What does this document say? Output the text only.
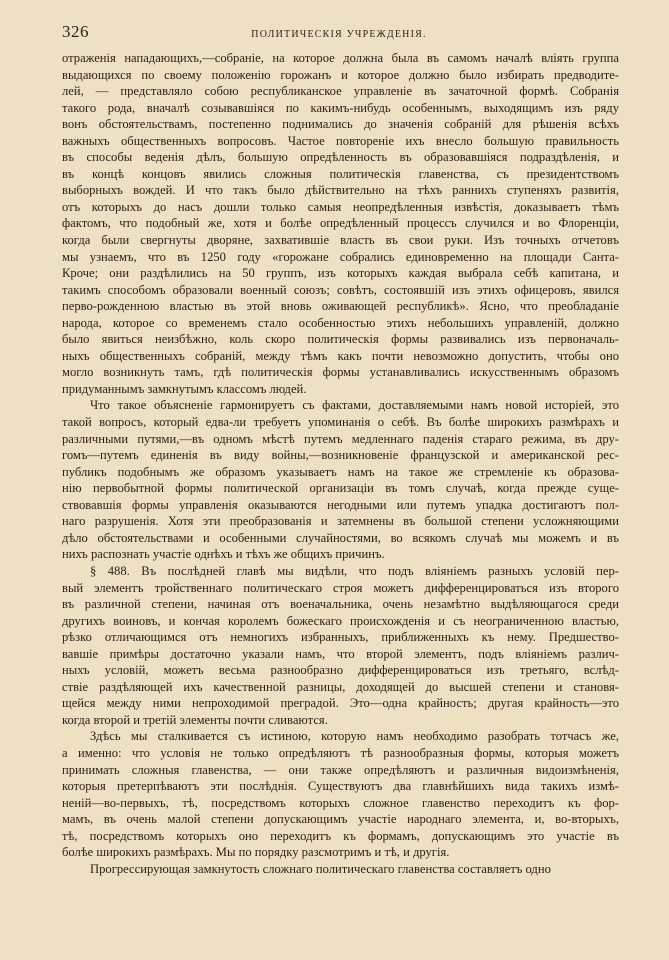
326	ПОЛИТИЧЕСКІЯ УЧРЕЖДЕНІЯ.
отраженія нападающихъ,—собраніе, на которое должна была въ самомъ началѣ вліять группа
выдающихся по своему положенію горожанъ и которое должно было избирать предводите-
лей, — представляло собою республиканское управленіе въ зачаточной формѣ. Собранія
такого рода, вначалѣ созывавшіяся по какимъ-нибудь особеннымъ, выходящимъ изъ ряду
вонъ обстоятельствамъ, постепенно поднимались до значенія собраній для рѣшенія всѣхъ
важныхъ общественныхъ вопросовъ. Частое повтореніе ихъ внесло большую правильность
въ способы веденія дѣлъ, большую опредѣленность въ образовавшіяся подраздѣленія, и
въ концѣ концовъ явились сложныя политическія главенства, съ президентствомъ
выборныхъ вождей. И что такъ было дѣйствительно на тѣхъ раннихъ ступеняхъ развитія,
отъ которыхъ до насъ дошли только самыя неопредѣленныя извѣстія, доказываетъ тѣмъ
фактомъ, что подобный же, хотя и болѣе опредѣленный процессъ случился и во Флоренціи,
когда были свергнуты дворяне, захватившіе власть въ свои руки. Изъ точныхъ отчетовъ
мы узнаемъ, что въ 1250 году «горожане собрались единовременно на площади Санта-
Кроче; они раздѣлились на 50 группъ, изъ которыхъ каждая выбрала себѣ капитана, и
такимъ способомъ образовали военный союзъ; совѣтъ, состоявшій изъ этихъ офицеровъ, явился
перво-рожденною властью въ этой вновь оживающей республикѣ». Ясно, что преобладаніе
народа, которое со временемъ стало особенностью этихъ небольшихъ управленій, должно
было явиться неизбѣжно, коль скоро политическія формы развивались изъ первоначаль-
ныхъ общественныхъ собраній, между тѣмъ какъ почти невозможно допустить, чтобы оно
могло возникнуть тамъ, гдѣ политическія формы устанавливались искусственнымъ образомъ
придуманнымъ замкнутымъ классомъ людей.
Что такое объясненіе гармонируетъ съ фактами, доставляемыми намъ новой исторіей, это
такой вопросъ, который едва-ли требуетъ упоминанія о себѣ. Въ болѣе широкихъ размѣрахъ и
различными путями,—въ одномъ мѣстѣ путемъ медленнаго паденія стараго режима, въ дру-
гомъ—путемъ единенія въ виду войны,—возникновеніе французской и американской рес-
публикъ подобнымъ же образомъ указываетъ намъ на такое же стремленіе къ образова-
нію первобытной формы политической организаціи въ томъ случаѣ, когда прежде суще-
ствовавшія формы управленія оказываются негодными или путемъ упадка достигаютъ пол-
наго разрушенія. Хотя эти преобразованія и затемнены въ большой степени усложняющими
дѣло обстоятельствами и особенными случайностями, во всякомъ случаѣ мы можемъ и въ
нихъ распознать участіе однѣхъ и тѣхъ же общихъ причинъ.
§ 488. Въ послѣдней главѣ мы видѣли, что подъ вліяніемъ разныхъ условій пер-
вый элементъ тройственнаго политическаго строя можетъ дифференцироваться изъ второго
въ различной степени, начиная отъ военачальника, очень незамѣтно выдѣляющагося среди
другихъ воиновъ, и кончая королемъ божескаго происхожденія и съ неограниченною властью,
рѣзко отличающимся отъ немногихъ избранныхъ, приближенныхъ къ нему. Предшество-
вавшіе примѣры достаточно указали намъ, что второй элементъ, подъ вліяніемъ различ-
ныхъ условій, можетъ весьма разнообразно дифференцироваться изъ третьяго, вслѣд-
ствіе раздѣляющей ихъ качественной разницы, доходящей до высшей степени и становя-
щейся между ними непроходимой преградой. Это—одна крайность; другая крайность—это
когда второй и третій элементы почти сливаются.
Здѣсь мы сталкивается съ истиною, которую намъ необходимо разобрать тотчасъ же,
а именно: что условія не только опредѣляютъ тѣ разнообразныя формы, которыя можетъ
принимать сложныя главенства, — они также опредѣляютъ и различныя видоизмѣненія,
которыя претерпѣваютъ эти послѣднія. Существуютъ два главнѣйшихъ вида такихъ измѣ-
неній—во-первыхъ, тѣ, посредствомъ которыхъ сложное главенство переходитъ къ фор-
мамъ, въ очень малой степени допускающимъ участіе народнаго элемента, и, во-вторыхъ,
тѣ, посредствомъ которыхъ оно переходитъ къ формамъ, допускающимъ это участіе въ
болѣе широкихъ размѣрахъ. Мы по порядку разсмотримъ и тѣ, и другія.
Прогрессирующая замкнутость сложнаго политическаго главенства составляетъ одно
